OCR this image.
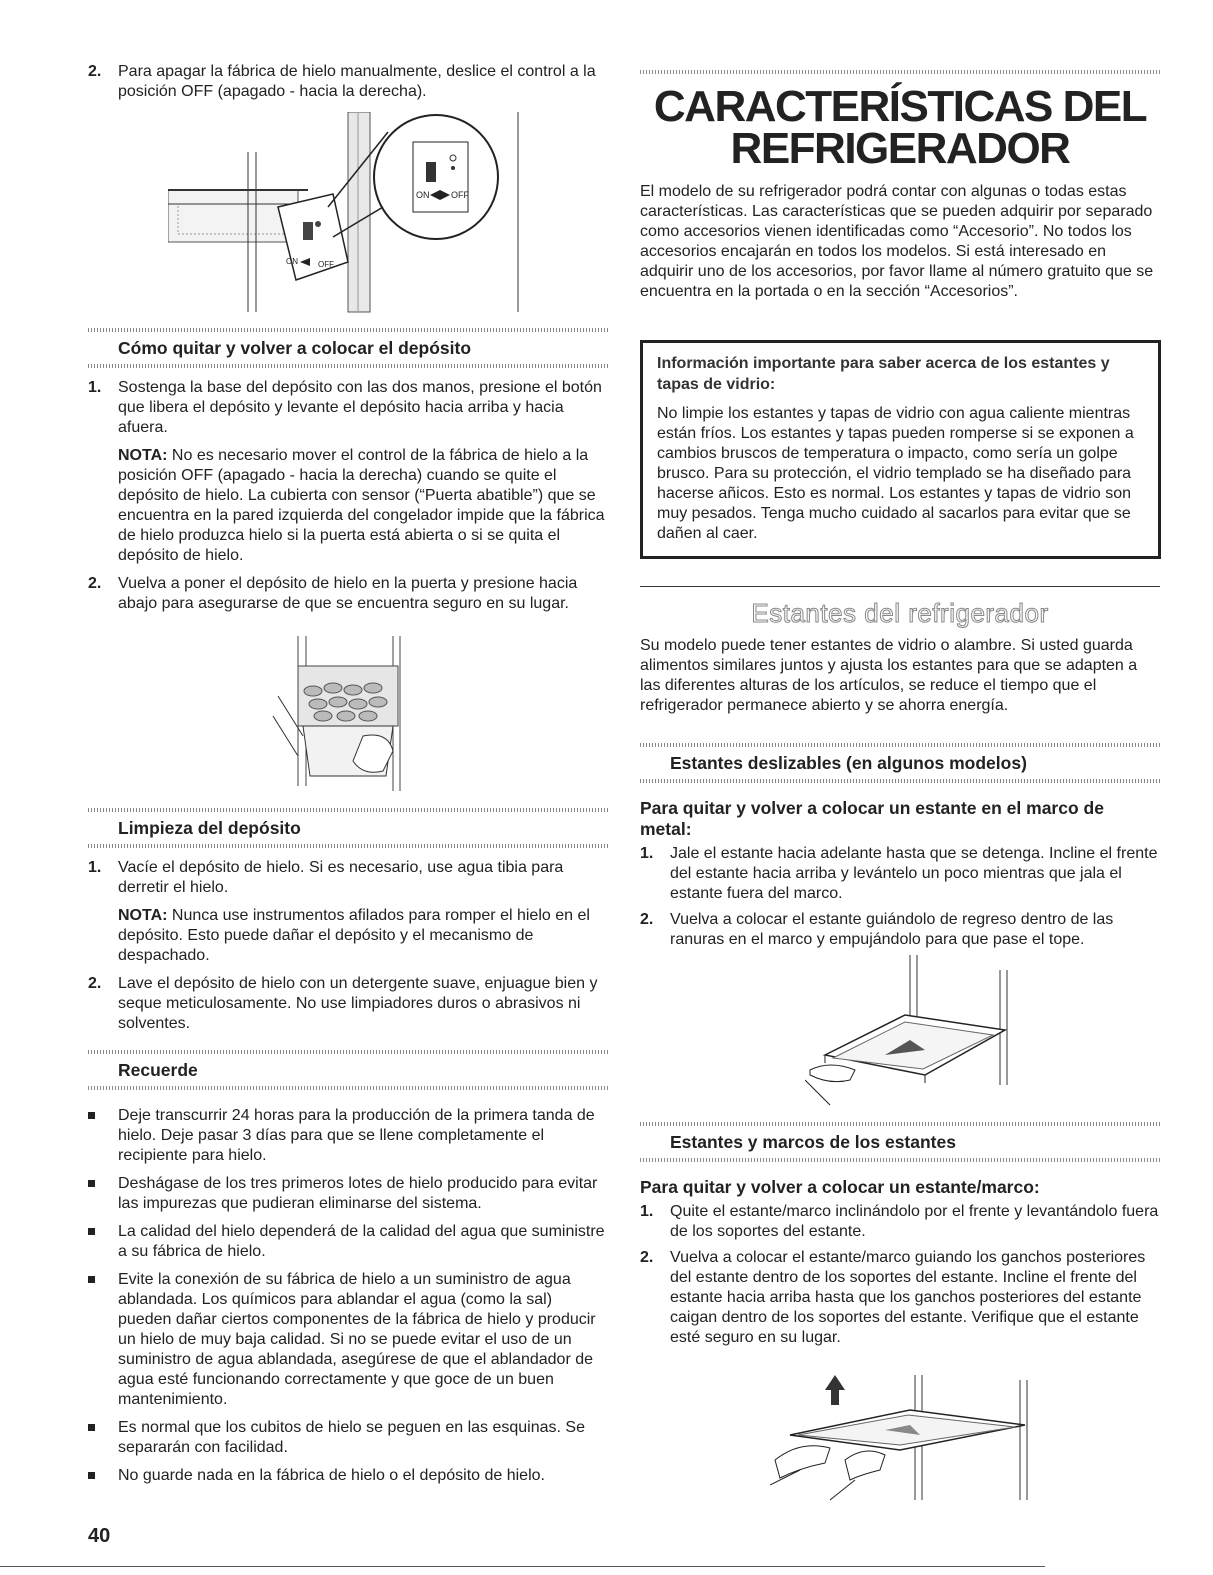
2. Para apagar la fábrica de hielo manualmente, deslice el control a la posición OFF (apagado - hacia la derecha).
ON	OFF
ON OFF
Cómo quitar y volver a colocar el depósito
1. Sostenga la base del depósito con las dos manos, presione el botón que libera el depósito y levante el depósito hacia arriba y hacia afuera.
NOTA: No es necesario mover el control de la fábrica de hielo a la posición OFF (apagado - hacia la derecha) cuando se quite el depósito de hielo. La cubierta con sensor (“Puerta abatible”) que se encuentra en la pared izquierda del congelador impide que la fábrica de hielo produzca hielo si la puerta está abierta o si se quita el depósito de hielo.
2. Vuelva a poner el depósito de hielo en la puerta y presione hacia abajo para asegurarse de que se encuentra seguro en su lugar.
Limpieza del depósito
1. Vacíe el depósito de hielo. Si es necesario, use agua tibia para derretir el hielo.
NOTA: Nunca use instrumentos afilados para romper el hielo en el depósito. Esto puede dañar el depósito y el mecanismo de despachado.
2. Lave el depósito de hielo con un detergente suave, enjuague bien y seque meticulosamente. No use limpiadores duros o abrasivos ni solventes.
Recuerde
Deje transcurrir 24 horas para la producción de la primera tanda de hielo. Deje pasar 3 días para que se llene completamente el recipiente para hielo.
Deshágase de los tres primeros lotes de hielo producido para evitar las impurezas que pudieran eliminarse del sistema.
La calidad del hielo dependerá de la calidad del agua que suministre a su fábrica de hielo.
Evite la conexión de su fábrica de hielo a un suministro de agua ablandada. Los químicos para ablandar el agua (como la sal) pueden dañar ciertos componentes de la fábrica de hielo y producir un hielo de muy baja calidad. Si no se puede evitar el uso de un suministro de agua ablandada, asegúrese de que el ablandador de agua esté funcionando correctamente y que goce de un buen mantenimiento.
Es normal que los cubitos de hielo se peguen en las esquinas. Se separarán con facilidad.
No guarde nada en la fábrica de hielo o el depósito de hielo.
40

CARACTERÍSTICAS DEL

REFRIGERADOR

El modelo de su refrigerador podrá contar con algunas o todas estas características. Las características que se pueden adquirir por separado como accesorios vienen identificadas como “Accesorio”. No todos los accesorios encajarán en todos los modelos. Si está interesado en adquirir uno de los accesorios, por favor llame al número gratuito que se encuentra en la portada o en la sección “Accesorios”.

Información importante para saber acerca de los estantes y tapas de vidrio:

No limpie los estantes y tapas de vidrio con agua caliente mientras están fríos. Los estantes y tapas pueden romperse si se exponen a cambios bruscos de temperatura o impacto, como sería un golpe brusco. Para su protección, el vidrio templado se ha diseñado para hacerse añicos. Esto es normal. Los estantes y tapas de vidrio son muy pesados. Tenga mucho cuidado al sacarlos para evitar que se dañen al caer.

Estantes del refrigerador

Su modelo puede tener estantes de vidrio o alambre. Si usted guarda alimentos similares juntos y ajusta los estantes para que se adapten a las diferentes alturas de los artículos, se reduce el tiempo que el refrigerador permanece abierto y se ahorra energía.

Estantes deslizables (en algunos modelos)

Para quitar y volver a colocar un estante en el marco de metal:

1. Jale el estante hacia adelante hasta que se detenga. Incline el frente del estante hacia arriba y levántelo un poco mientras que jala el estante fuera del marco.
2. Vuelva a colocar el estante guiándolo de regreso dentro de las ranuras en el marco y empujándolo para que pase el tope.
Estantes y marcos de los estantes

Para quitar y volver a colocar un estante/marco:

1. Quite el estante/marco inclinándolo por el frente y levantándolo fuera de los soportes del estante.
2. Vuelva a colocar el estante/marco guiando los ganchos posteriores del estante dentro de los soportes del estante. Incline el frente del estante hacia arriba hasta que los ganchos posteriores del estante caigan dentro de los soportes del estante. Verifique que el estante esté seguro en su lugar.
